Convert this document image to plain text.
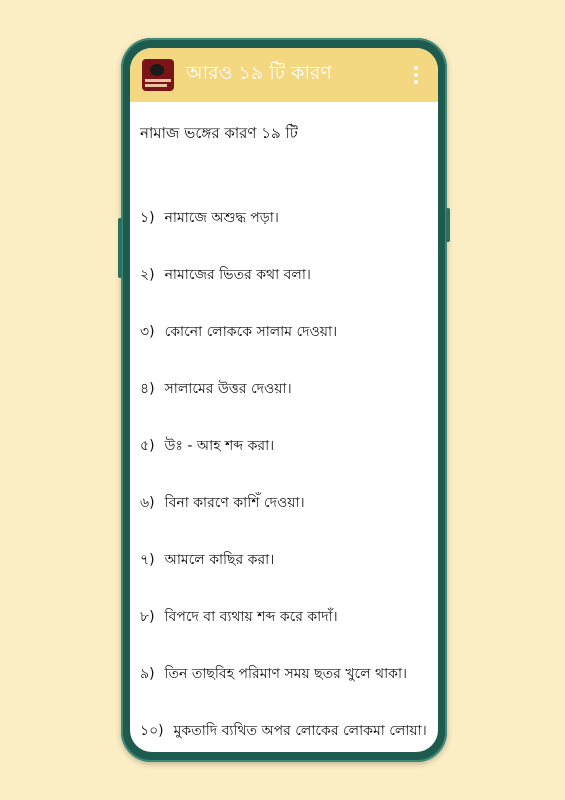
আরও ১৯ টি কারণ

নামাজ ভঙ্গের কারণ ১৯ টি

১) নামাজে অশুদ্ধ পড়া।
২) নামাজের ভিতর কথা বলা।
৩) কোনো লোককে সালাম দেওয়া।
৪) সালামের উত্তর দেওয়া।
৫) উঃ - আহ শব্দ করা।
৬) বিনা কারণে কাশিঁ দেওয়া।
৭) আমলে কাছির করা।
৮) বিপদে বা ব্যথায় শব্দ করে কাদাঁ।
৯) তিন তাছবিহ পরিমাণ সময় ছতর খুলে থাকা।
১০) মুকতাদি ব্যথিত অপর লোকের লোকমা লোয়া।
